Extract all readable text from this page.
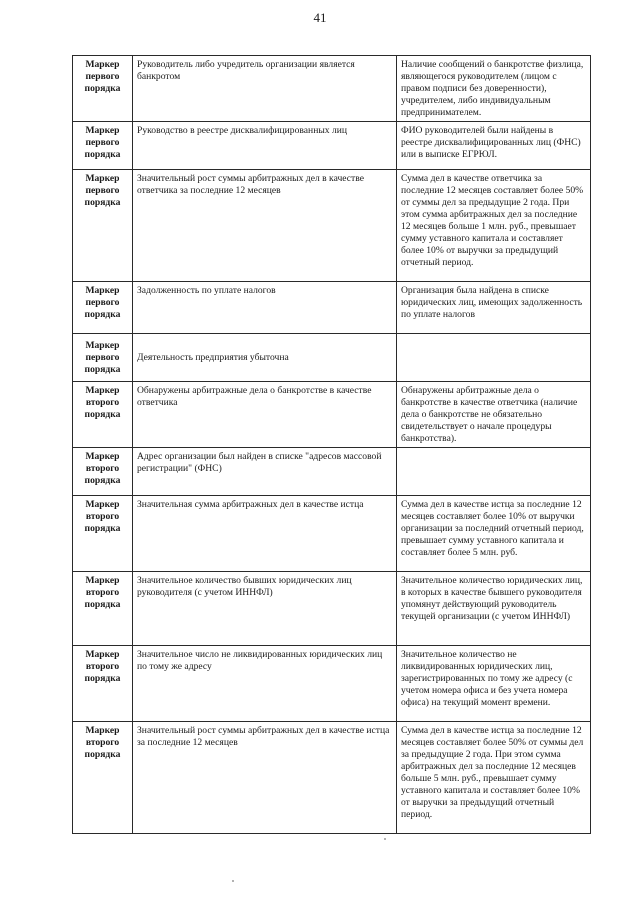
41
Маркер первого порядка	Руководитель либо учредитель организации является банкротом	Наличие сообщений о банкротстве физлица, являющегося руководителем (лицом с правом подписи без доверенности), учредителем, либо индивидуальным предпринимателем.
Маркер первого порядка	Руководство в реестре дисквалифицированных лиц	ФИО руководителей были найдены в реестре дисквалифицированных лиц (ФНС) или в выписке ЕГРЮЛ.
Маркер первого порядка	Значительный рост суммы арбитражных дел в качестве ответчика за последние 12 месяцев	Сумма дел в качестве ответчика за последние 12 месяцев составляет более 50% от суммы дел за предыдущие 2 года. При этом сумма арбитражных дел за последние 12 месяцев больше 1 млн. руб., превышает сумму уставного капитала и составляет более 10% от выручки за предыдущий отчетный период.
Маркер первого порядка	Задолженность по уплате налогов	Организация была найдена в списке юридических лиц, имеющих задолженность по уплате налогов
Маркер первого порядка	Деятельность предприятия убыточна	
Маркер второго порядка	Обнаружены арбитражные дела о банкротстве в качестве ответчика	Обнаружены арбитражные дела о банкротстве в качестве ответчика (наличие дела о банкротстве не обязательно свидетельствует о начале процедуры банкротства).
Маркер второго порядка	Адрес организации был найден в списке "адресов массовой регистрации" (ФНС)	
Маркер второго порядка	Значительная сумма арбитражных дел в качестве истца	Сумма дел в качестве истца за последние 12 месяцев составляет более 10% от выручки организации за последний отчетный период, превышает сумму уставного капитала и составляет более 5 млн. руб.
Маркер второго порядка	Значительное количество бывших юридических лиц руководителя (с учетом ИННФЛ)	Значительное количество юридических лиц, в которых в качестве бывшего руководителя упомянут действующий руководитель текущей организации (с учетом ИННФЛ)
Маркер второго порядка	Значительное число не ликвидированных юридических лиц по тому же адресу	Значительное количество не ликвидированных юридических лиц, зарегистрированных по тому же адресу (с учетом номера офиса и без учета номера офиса) на текущий момент времени.
Маркер второго порядка	Значительный рост суммы арбитражных дел в качестве истца за последние 12 месяцев	Сумма дел в качестве истца за последние 12 месяцев составляет более 50% от суммы дел за предыдущие 2 года. При этом сумма арбитражных дел за последние 12 месяцев больше 5 млн. руб., превышает сумму уставного капитала и составляет более 10% от выручки за предыдущий отчетный период.
